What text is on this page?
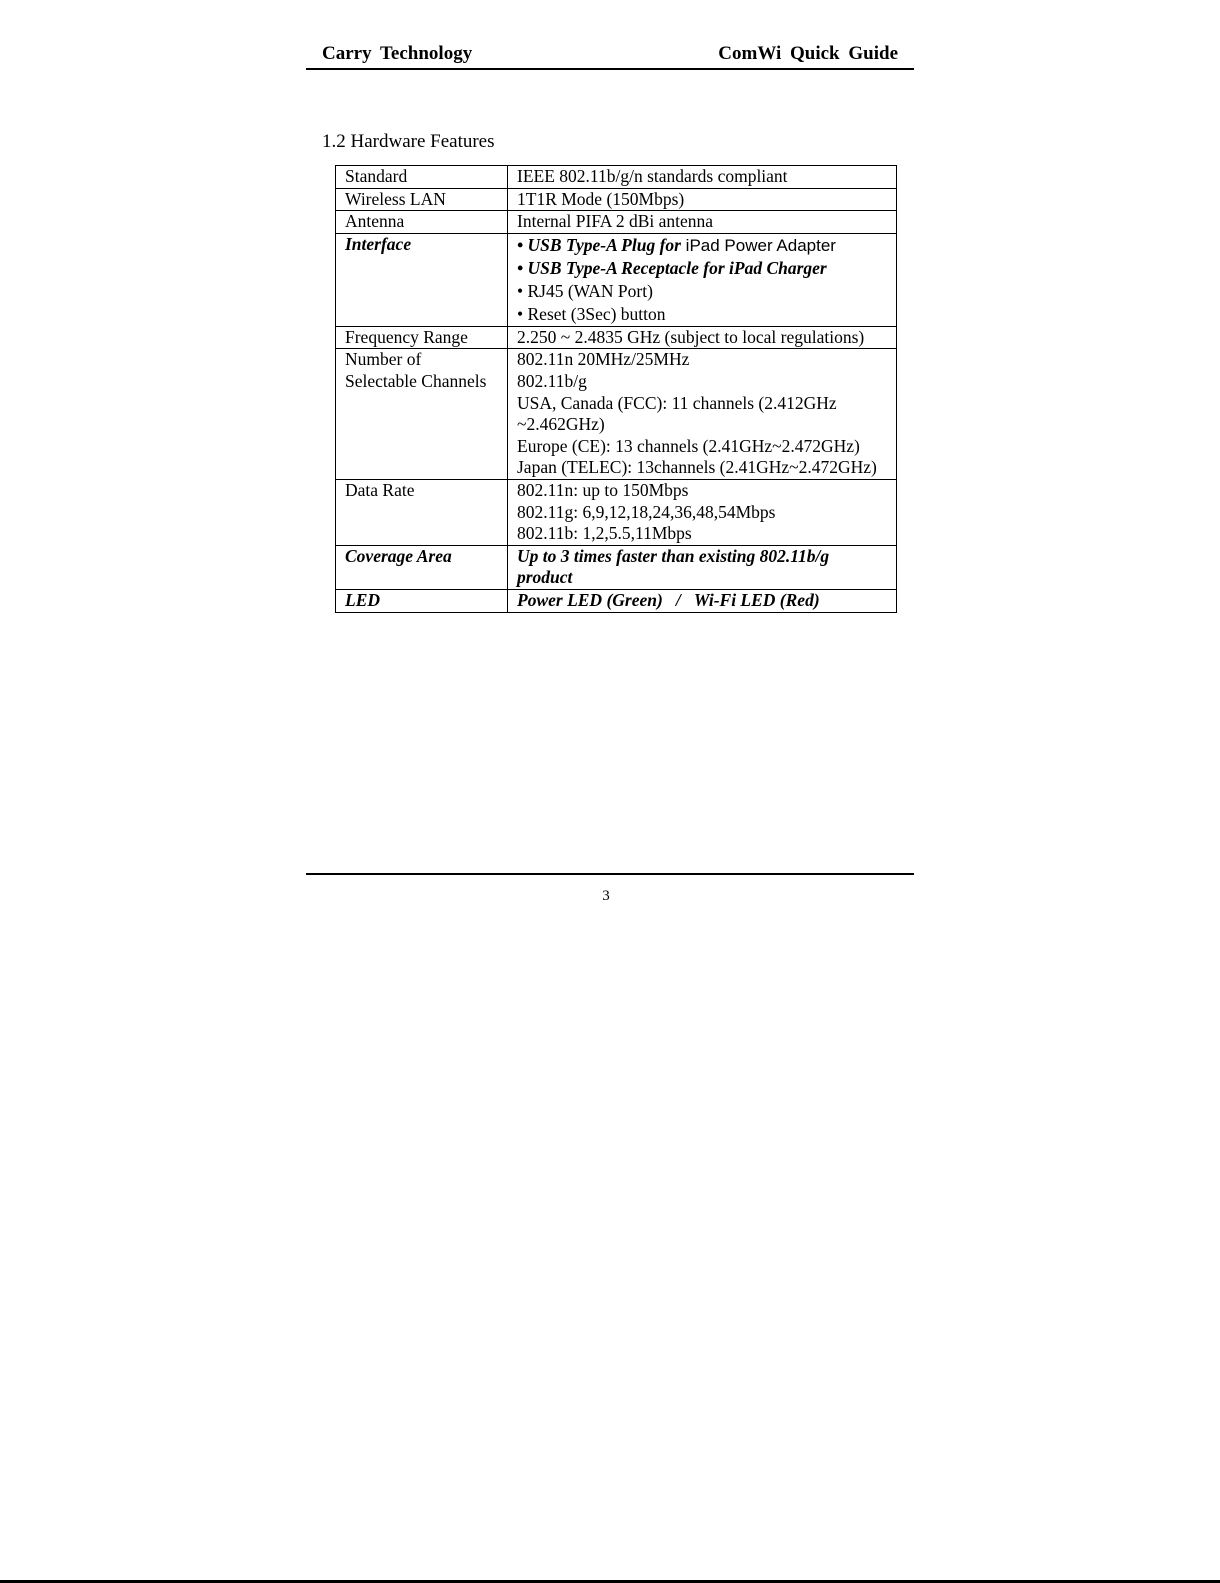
Carry Technology	ComWi Quick Guide
1.2 Hardware Features
Standard	IEEE 802.11b/g/n standards compliant
Wireless LAN	1T1R Mode (150Mbps)
Antenna	Internal PIFA 2 dBi antenna
Interface	• USB Type-A Plug for iPad Power Adapter
• USB Type-A Receptacle for iPad Charger
• RJ45 (WAN Port)
• Reset (3Sec) button

Frequency Range	2.250 ~ 2.4835 GHz (subject to local regulations)

Number of
Selectable Channels	802.11n 20MHz/25MHz
802.11b/g
USA, Canada (FCC): 11 channels (2.412GHz ~2.462GHz)
Europe (CE): 13 channels (2.41GHz~2.472GHz)
Japan (TELEC): 13channels (2.41GHz~2.472GHz)

Data Rate	802.11n: up to 150Mbps
802.11g: 6,9,12,18,24,36,48,54Mbps
802.11b: 1,2,5.5,11Mbps

Coverage Area	Up to 3 times faster than existing 802.11b/g product
LED	Power LED (Green)   /   Wi-Fi LED (Red)
3
